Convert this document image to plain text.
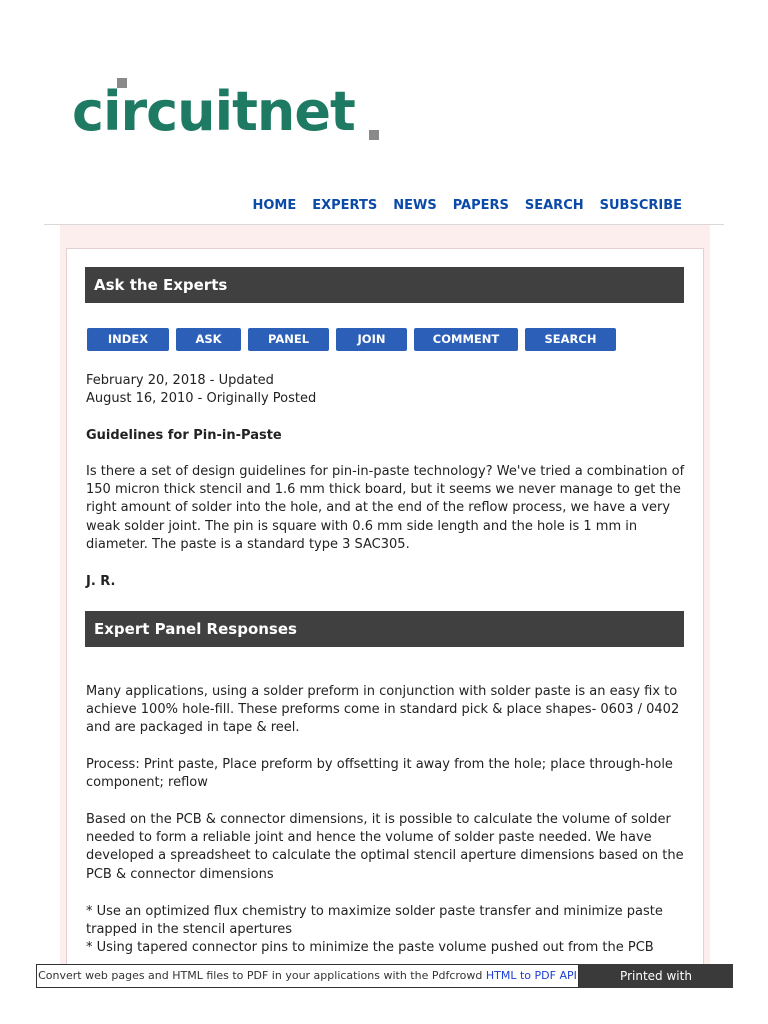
circuitnet
HOME EXPERTS NEWS PAPERS SEARCH SUBSCRIBE
Ask the Experts
INDEX	ASK	PANEL	JOIN	COMMENT	SEARCH
February 20, 2018 - Updated
August 16, 2010 - Originally Posted
Guidelines for Pin-in-Paste
Is there a set of design guidelines for pin-in-paste technology? We've tried a combination of 150 micron thick stencil and 1.6 mm thick board, but it seems we never manage to get the right amount of solder into the hole, and at the end of the reflow process, we have a very weak solder joint. The pin is square with 0.6 mm side length and the hole is 1 mm in diameter. The paste is a standard type 3 SAC305.
J. R.
Expert Panel Responses
Many applications, using a solder preform in conjunction with solder paste is an easy fix to achieve 100% hole-fill. These preforms come in standard pick & place shapes- 0603 / 0402 and are packaged in tape & reel.
Process: Print paste, Place preform by offsetting it away from the hole; place through-hole component; reflow
Based on the PCB & connector dimensions, it is possible to calculate the volume of solder needed to form a reliable joint and hence the volume of solder paste needed. We have developed a spreadsheet to calculate the optimal stencil aperture dimensions based on the PCB & connector dimensions
* Use an optimized flux chemistry to maximize solder paste transfer and minimize paste trapped in the stencil apertures
* Using tapered connector pins to minimize the paste volume pushed out from the PCB
Convert web pages and HTML files to PDF in your applications with the Pdfcrowd HTML to PDF API	Printed with Pdfcrowd.com
